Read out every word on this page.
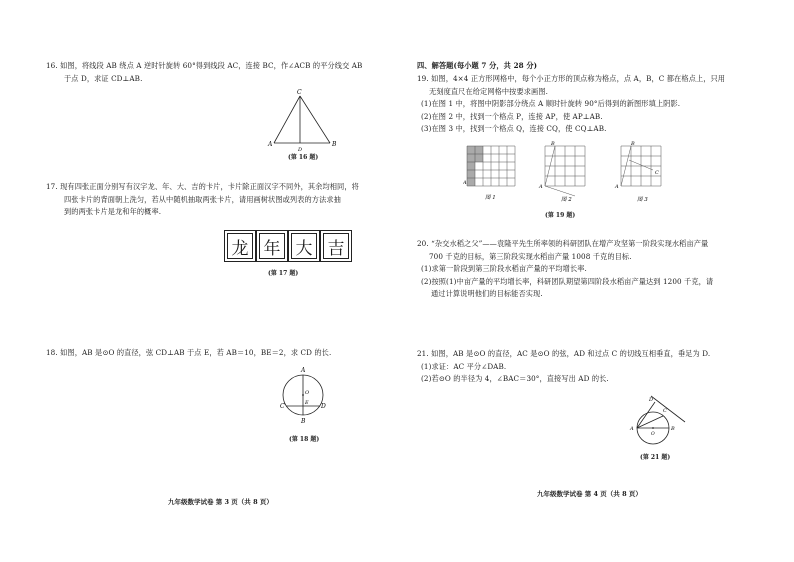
16. 如图，将线段 AB 绕点 A 逆时针旋转 60°得到线段 AC，连接 BC，作∠ACB 的平分线交 AB

于点 D，求证 CD⊥AB.

C
A	B
D
(第 16 题)

17. 现有四张正面分别写有汉字龙、年、大、吉的卡片，卡片除正面汉字不同外，其余均相同，将

四张卡片的背面朝上洗匀，若从中随机抽取两张卡片，请用画树状图或列表的方法求抽

到的两张卡片是龙和年的概率.

龙 年 大 吉
(第 17 题)

18. 如图，AB 是⊙O 的直径，弦 CD⊥AB 于点 E，若 AB＝10，BE＝2，求 CD 的长.

A
C	D
E
O
B
(第 18 题)
九年级数学试卷 第 3 页（共 8 页）
四、解答题(每小题 7 分，共 28 分)

19. 如图，4×4 正方形网格中，每个小正方形的顶点称为格点，点 A，B，C 都在格点上，只用

无刻度直尺在给定网格中按要求画图.

(1)在图 1 中，将图中阴影部分绕点 A 顺时针旋转 90°后得到的新图形填上阴影.

(2)在图 2 中，找到一个格点 P，连接 AP，使 AP⊥AB.

(3)在图 3 中，找到一个格点 Q，连接 CQ，使 CQ⊥AB.

A
图 1
B
A
图 2
B
A
C
图 3
(第 19 题)

20. “杂交水稻之父”——袁隆平先生所率领的科研团队在增产攻坚第一阶段实现水稻亩产量

700 千克的目标，第三阶段实现水稻亩产量 1008 千克的目标.

(1)求第一阶段到第三阶段水稻亩产量的平均增长率.

(2)按照(1)中亩产量的平均增长率，科研团队期望第四阶段水稻亩产量达到 1200 千克，请

通过计算说明他们的目标能否实现.

21. 如图，AB 是⊙O 的直径，AC 是⊙O 的弦，AD 和过点 C 的切线互相垂直，垂足为 D.

(1)求证：AC 平分∠DAB.

(2)若⊙O 的半径为 4，∠BAC＝30°，直接写出 AD 的长.

D
C
A	B
O
(第 21 题)
九年级数学试卷 第 4 页（共 8 页）
